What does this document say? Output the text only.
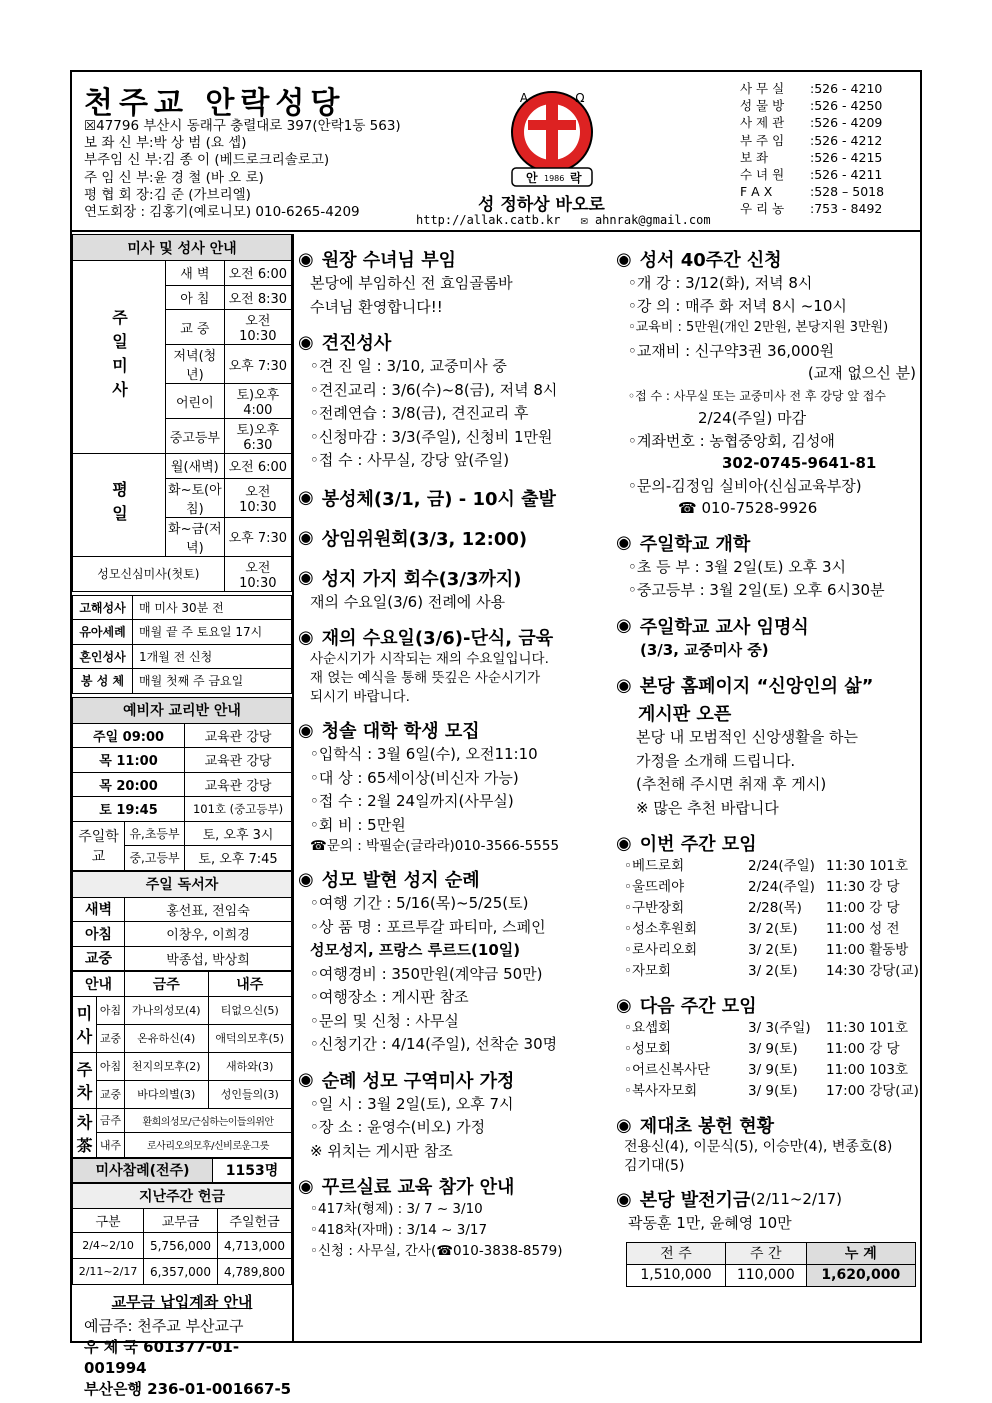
천주교 안락성당
☒47796 부산시 동래구 충렬대로 397(안락1동 563)
보 좌 신 부:박 상 범 (요 셉)
부주임 신 부:김 종 이 (베드로크리솔로고)
주 임 신 부:윤 경 철 (바 오 로)
평 협 회 장:김 준 (가브리엘)
연도회장 : 김홍기(예로니모) 010-6265-4209
A	Ω
안 1986 락
성 정하상 바오로
http://allak.catb.kr ✉ ahnrak@gmail.com
사 무 실	: 526 - 4210
성 물 방	: 526 - 4250
사 제 관	: 526 - 4209
부 주 임	: 526 - 4212
보 좌	: 526 - 4215
수 녀 원	: 526 - 4211
F A X	: 528 – 5018
우 리 농	: 753 - 8492
미사 및 성사 안내		
주일미사	새 벽	오전 6:00
	아 침	오전 8:30
	교 중	오전 10:30
	저녁(청년)	오후 7:30
	어린이	토)오후 4:00
	중고등부	토)오후 6:30
평일	월(새벽)	오전 6:00
	화~토(아침)	오전 10:30
	화~금(저녁)	오후 7:30
성모신심미사(첫토)		오전 10:30
고해성사	매 미사 30분 전
유아세례	매월 끝 주 토요일 17시
혼인성사	1개월 전 신청
봉 성 체	매월 첫째 주 금요일
예비자 교리반 안내		
주일 09:00		교육관 강당
목 11:00		교육관 강당
목 20:00		교육관 강당
토 19:45		101호 (중고등부)
주일학교	유,초등부	토, 오후 3시
	중,고등부	토, 오후 7:45
주일 독서자	
새벽	홍선표, 전임숙
아침	이창우, 이희경
교중	박종섭, 박상희
안내		금주	내주
미사	아침	가나의성모(4)	티없으신(5)
	교중	온유하신(4)	애덕의모후(5)
주차	아침	천지의모후(2)	새하와(3)
	교중	바다의별(3)	성인들의(3)
차茶	금주	환희의성모/근심하는이들의위안	
	내주	로사리오의모후/신비로운그릇	
미사참례(전주)	1153명
지난주간 헌금		
구분	교무금	주일헌금
2/4~2/10	5,756,000	4,713,000
2/11~2/17	6,357,000	4,789,800
교무금 납입계좌 안내
예금주: 천주교 부산교구
우 체 국 601377-01-001994
부산은행 236-01-001667-5
◉ 원장 수녀님 부임
본당에 부임하신 전 효임골롬바
수녀님 환영합니다!!
◉ 견진성사
◦견 진 일 : 3/10, 교중미사 중
◦견진교리 : 3/6(수)~8(금), 저녁 8시
◦전례연습 : 3/8(금), 견진교리 후
◦신청마감 : 3/3(주일), 신청비 1만원
◦접 수 : 사무실, 강당 앞(주일)
◉ 봉성체(3/1, 금) - 10시 출발
◉ 상임위원회(3/3, 12:00)
◉ 성지 가지 회수(3/3까지)
재의 수요일(3/6) 전례에 사용
◉ 재의 수요일(3/6)-단식, 금육
사순시기가 시작되는 재의 수요일입니다.
재 얹는 예식을 통해 뜻깊은 사순시기가
되시기 바랍니다.
◉ 청솔 대학 학생 모집
◦입학식 : 3월 6일(수), 오전11:10
◦대 상 : 65세이상(비신자 가능)
◦접 수 : 2월 24일까지(사무실)
◦회 비 : 5만원
☎문의 : 박필순(글라라)010-3566-5555
◉ 성모 발현 성지 순례
◦여행 기간 : 5/16(목)~5/25(토)
◦상 품 명 : 포르투갈 파티마, 스페인
성모성지, 프랑스 루르드(10일)
◦여행경비 : 350만원(계약금 50만)
◦여행장소 : 게시판 참조
◦문의 및 신청 : 사무실
◦신청기간 : 4/14(주일), 선착순 30명
◉ 순례 성모 구역미사 가정
◦일 시 : 3월 2일(토), 오후 7시
◦장 소 : 윤영수(비오) 가정
※ 위치는 게시판 참조
◉ 꾸르실료 교육 참가 안내
◦417차(형제) : 3/ 7 ~ 3/10
◦418차(자매) : 3/14 ~ 3/17
◦신청 : 사무실, 간사(☎010-3838-8579)
◉ 성서 40주간 신청
◦개 강 : 3/12(화), 저녁 8시
◦강 의 : 매주 화 저녁 8시 ~10시
◦교육비 : 5만원(개인 2만원, 본당지원 3만원)
◦교재비 : 신구약3권 36,000원
(교재 없으신 분)
◦접 수 : 사무실 또는 교중미사 전 후 강당 앞 접수
2/24(주일) 마감
◦계좌번호 : 농협중앙회, 김성애
302-0745-9641-81
◦문의-김정임 실비아(신심교육부장)
☎ 010-7528-9926
◉ 주일학교 개학
◦초 등 부 : 3월 2일(토) 오후 3시
◦중고등부 : 3월 2일(토) 오후 6시30분
◉ 주일학교 교사 임명식
(3/3, 교중미사 중)
◉ 본당 홈페이지 “신앙인의 삶”
게시판 오픈
본당 내 모범적인 신앙생활을 하는
가정을 소개해 드립니다.
(추천해 주시면 취재 후 게시)
※ 많은 추천 바랍니다
◉ 이번 주간 모임
◦베드로회	2/24(주일) 11:30 101호
◦울뜨레야	2/24(주일) 11:30 강 당
◦구반장회	2/28(목)	11:00 강 당
◦성소후원회	3/ 2(토)	11:00 성 전
◦로사리오회	3/ 2(토)	11:00 활동방
◦자모회	3/ 2(토)	14:30 강당(교)
◉ 다음 주간 모임
◦요셉회	3/ 3(주일)	11:30 101호
◦성모회	3/ 9(토)	11:00 강 당
◦어르신복사단	3/ 9(토)	11:00 103호
◦복사자모회	3/ 9(토)	17:00 강당(교)
◉ 제대초 봉헌 현황
전용신(4), 이문식(5), 이승만(4), 변종호(8)
김기대(5)
◉ 본당 발전기금 (2/11~2/17)
곽동훈 1만, 윤혜영 10만
전 주	주 간	누 계
1,510,000	110,000	1,620,000
